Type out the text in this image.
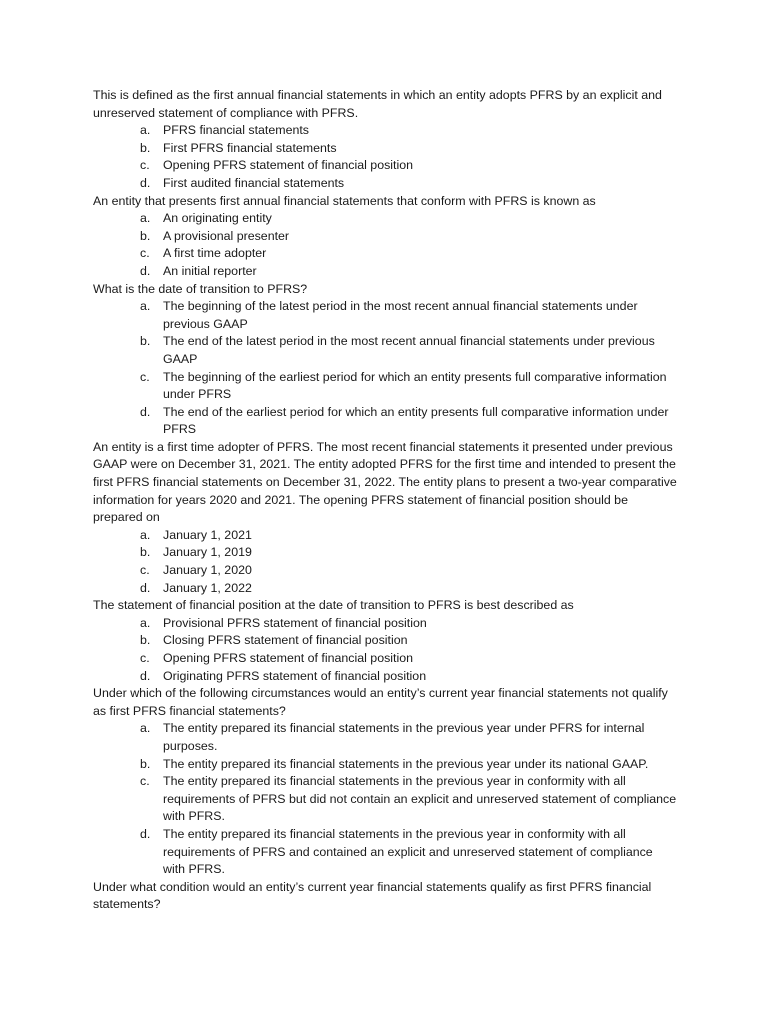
This is defined as the first annual financial statements in which an entity adopts PFRS by an explicit and unreserved statement of compliance with PFRS.

a. PFRS financial statements
b. First PFRS financial statements
c. Opening PFRS statement of financial position
d. First audited financial statements

An entity that presents first annual financial statements that conform with PFRS is known as

a. An originating entity
b. A provisional presenter
c. A first time adopter
d. An initial reporter

What is the date of transition to PFRS?

a. The beginning of the latest period in the most recent annual financial statements under previous GAAP
b. The end of the latest period in the most recent annual financial statements under previous GAAP
c. The beginning of the earliest period for which an entity presents full comparative information under PFRS
d. The end of the earliest period for which an entity presents full comparative information under PFRS

An entity is a first time adopter of PFRS. The most recent financial statements it presented under previous GAAP were on December 31, 2021. The entity adopted PFRS for the first time and intended to present the first PFRS financial statements on December 31, 2022. The entity plans to present a two-year comparative information for years 2020 and 2021. The opening PFRS statement of financial position should be prepared on

a. January 1, 2021
b. January 1, 2019
c. January 1, 2020
d. January 1, 2022

The statement of financial position at the date of transition to PFRS is best described as

a. Provisional PFRS statement of financial position
b. Closing PFRS statement of financial position
c. Opening PFRS statement of financial position
d. Originating PFRS statement of financial position

Under which of the following circumstances would an entity’s current year financial statements not qualify as first PFRS financial statements?

a. The entity prepared its financial statements in the previous year under PFRS for internal purposes.
b. The entity prepared its financial statements in the previous year under its national GAAP.
c. The entity prepared its financial statements in the previous year in conformity with all requirements of PFRS but did not contain an explicit and unreserved statement of compliance with PFRS.
d. The entity prepared its financial statements in the previous year in conformity with all requirements of PFRS and contained an explicit and unreserved statement of compliance with PFRS.

Under what condition would an entity’s current year financial statements qualify as first PFRS financial statements?
